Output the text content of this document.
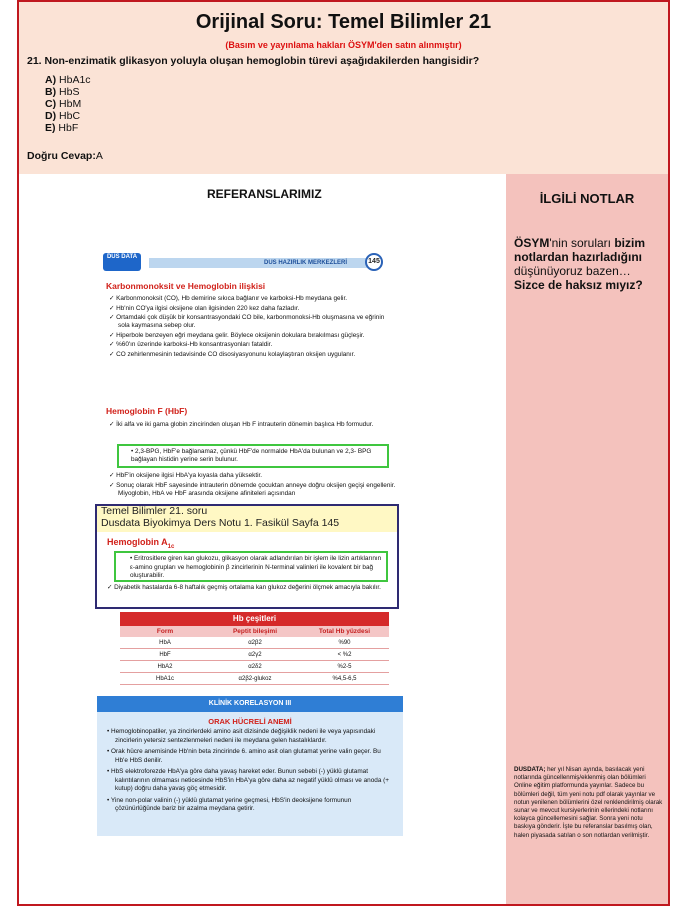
Orijinal Soru: Temel Bilimler 21
(Basım ve yayınlama hakları ÖSYM'den satın alınmıştır)
21. Non-enzimatik glikasyon yoluyla oluşan hemoglobin türevi aşağıdakilerden hangisidir?
A) HbA1c
B) HbS
C) HbM
D) HbC
E) HbF
Doğru Cevap:A
REFERANSLARIMIZ
DUS DATA
DUS HAZIRLIK MERKEZLERİ	145
Karbonmonoksit ve Hemoglobin ilişkisi
✓ Karbonmonoksit (CO), Hb demirine sıkıca bağlanır ve karboksi-Hb meydana gelir.
✓ Hb'nin CO'ya ilgisi oksijene olan ilgisinden 220 kez daha fazladır.
✓ Ortamdaki çok düşük bir konsantrasyondaki CO bile, karbonmonoksi-Hb oluşmasına ve eğrinin sola kaymasına sebep olur.
✓ Hiperbole benzeyen eğri meydana gelir. Böylece oksijenin dokulara bırakılması güçleşir.
✓ %60'ın üzerinde karboksi-Hb konsantrasyonları fataldir.
✓ CO zehirlenmesinin tedavisinde CO disosiyasyonunu kolaylaştıran oksijen uygulanır.
Hemoglobin F (HbF)
✓ İki alfa ve iki gama globin zincirinden oluşan Hb F intrauterin dönemin başlıca Hb formudur.
• 2,3-BPG, HbF'e bağlanamaz, çünkü HbF'de normalde HbA'da bulunan ve 2,3- BPG bağlayan histidin yerine serin bulunur.
✓ HbF'in oksijene ilgisi HbA'ya kıyasla daha yüksektir.
✓ Sonuç olarak HbF sayesinde intrauterin dönemde çocuktan anneye doğru oksijen geçişi engellenir. Miyoglobin, HbA ve HbF arasında oksijene afiniteleri açısından
Hb çeşitleri
Form	Peptit bileşimi	Total Hb yüzdesi
HbA	α2β2	%90
HbF	α2γ2	< %2
HbA2	α2δ2	%2-5
HbA1c	α2β2-glukoz	%4,5-6,5
KLİNİK KORELASYON III
ORAK HÜCRELİ ANEMİ
• Hemoglobinopatiler, ya zincirlerdeki amino asit dizisinde değişiklik nedeni ile veya yapısındaki zincirlerin yetersiz sentezlenmeleri nedeni ile meydana gelen hastalıklardır.
• Orak hücre anemisinde Hb'nin beta zincirinde 6. amino asit olan glutamat yerine valin geçer. Bu Hb'e HbS denilir.
• HbS elektroforezde HbA'ya göre daha yavaş hareket eder. Bunun sebebi (-) yüklü glutamat kalıntılarının olmaması neticesinde HbS'in HbA'ya göre daha az negatif yüklü olması ve anoda (+ kutup) doğru daha yavaş göç etmesidir.
• Yine non-polar valinin (-) yüklü glutamat yerine geçmesi, HbS'in deoksijene formunun çözünürlüğünde bariz bir azalma meydana getirir.
Temel Bilimler 21. soru
Dusdata Biyokimya Ders Notu 1. Fasikül Sayfa 145
Hemoglobin $A_{1c}$
• Eritrositlere giren kan glukozu, glikasyon olarak adlandırılan bir işlem ile lizin artıklarının ε-amino grupları ve hemoglobinin β zincirlerinin N-terminal valinleri ile kovalent bir bağ oluşturabilir.
✓ Diyabetik hastalarda 6-8 haftalık geçmiş ortalama kan glukoz değerini ölçmek amacıyla bakılır.
İLGİLİ NOTLAR
ÖSYM'nin soruları bizim notlardan hazırladığını düşünüyoruz bazen…
Sizce de haksız mıyız?
DUSDATA; her yıl Nisan ayında, basılacak yeni notlarında güncellenmiş/eklenmiş olan bölümleri Online eğitim platformunda yayınlar. Sadece bu bölümleri değil, tüm yeni notu pdf olarak yayınlar ve notun yenilenen bölümlerini özel renklendirilmiş olarak sunar ve mevcut kursiyerlerinin ellerindeki notlarını kolayca güncellemesini sağlar. Sonra yeni notu baskıya gönderir. İşte bu referanslar basılmış olan, halen piyasada satılan o son notlardan verilmiştir.
